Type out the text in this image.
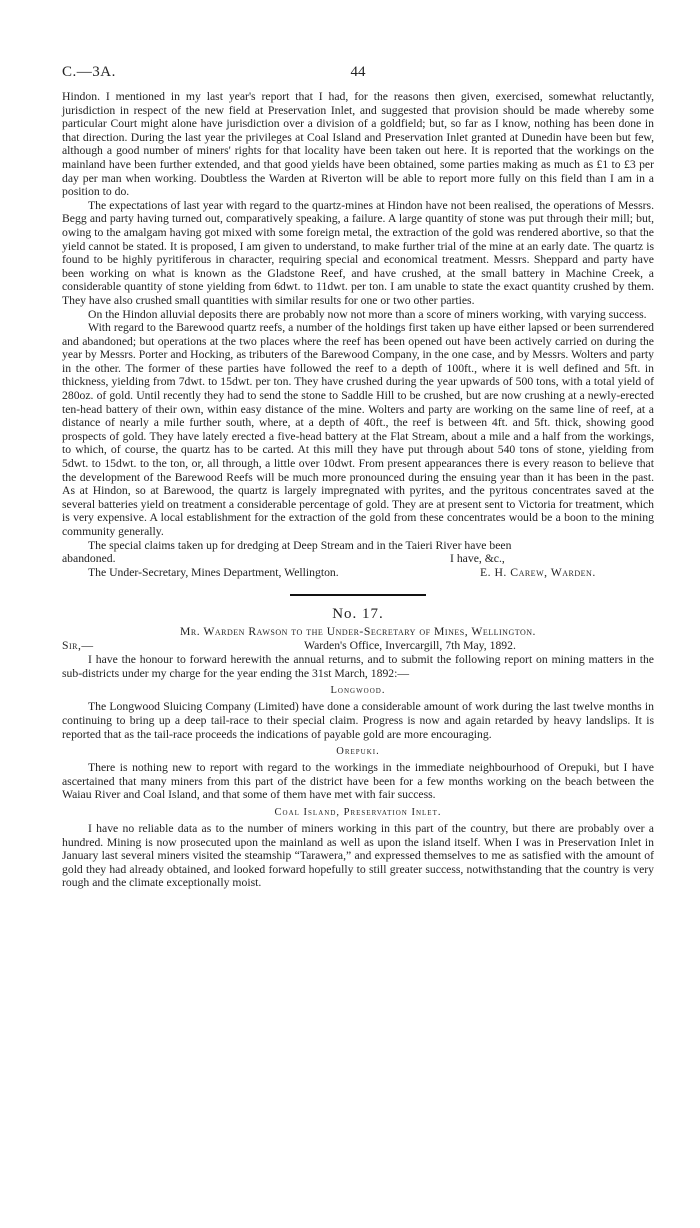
C.—3A.	44

Hindon. I mentioned in my last year's report that I had, for the reasons then given, exercised, somewhat reluctantly, jurisdiction in respect of the new field at Preservation Inlet, and suggested that provision should be made whereby some particular Court might alone have jurisdiction over a division of a goldfield; but, so far as I know, nothing has been done in that direction. During the last year the privileges at Coal Island and Preservation Inlet granted at Dunedin have been but few, although a good number of miners' rights for that locality have been taken out here. It is reported that the workings on the mainland have been further extended, and that good yields have been obtained, some parties making as much as £1 to £3 per day per man when working. Doubtless the Warden at Riverton will be able to report more fully on this field than I am in a position to do.

The expectations of last year with regard to the quartz-mines at Hindon have not been realised, the operations of Messrs. Begg and party having turned out, comparatively speaking, a failure. A large quantity of stone was put through their mill; but, owing to the amalgam having got mixed with some foreign metal, the extraction of the gold was rendered abortive, so that the yield cannot be stated. It is proposed, I am given to understand, to make further trial of the mine at an early date. The quartz is found to be highly pyritiferous in character, requiring special and economical treatment. Messrs. Sheppard and party have been working on what is known as the Gladstone Reef, and have crushed, at the small battery in Machine Creek, a considerable quantity of stone yielding from 6dwt. to 11dwt. per ton. I am unable to state the exact quantity crushed by them. They have also crushed small quantities with similar results for one or two other parties.

On the Hindon alluvial deposits there are probably now not more than a score of miners working, with varying success.

With regard to the Barewood quartz reefs, a number of the holdings first taken up have either lapsed or been surrendered and abandoned; but operations at the two places where the reef has been opened out have been actively carried on during the year by Messrs. Porter and Hocking, as tributers of the Barewood Company, in the one case, and by Messrs. Wolters and party in the other. The former of these parties have followed the reef to a depth of 100ft., where it is well defined and 5ft. in thickness, yielding from 7dwt. to 15dwt. per ton. They have crushed during the year upwards of 500 tons, with a total yield of 280oz. of gold. Until recently they had to send the stone to Saddle Hill to be crushed, but are now crushing at a newly-erected ten-head battery of their own, within easy distance of the mine. Wolters and party are working on the same line of reef, at a distance of nearly a mile further south, where, at a depth of 40ft., the reef is between 4ft. and 5ft. thick, showing good prospects of gold. They have lately erected a five-head battery at the Flat Stream, about a mile and a half from the workings, to which, of course, the quartz has to be carted. At this mill they have put through about 540 tons of stone, yielding from 5dwt. to 15dwt. to the ton, or, all through, a little over 10dwt. From present appearances there is every reason to believe that the development of the Barewood Reefs will be much more pronounced during the ensuing year than it has been in the past. As at Hindon, so at Barewood, the quartz is largely impregnated with pyrites, and the pyritous concentrates saved at the several batteries yield on treatment a considerable percentage of gold. They are at present sent to Victoria for treatment, which is very expensive. A local establishment for the extraction of the gold from these concentrates would be a boon to the mining community generally.

The special claims taken up for dredging at Deep Stream and in the Taieri River have been

abandoned.	I have, &c.,
The Under-Secretary, Mines Department, Wellington.	E. H. Carew, Warden.
No. 17.
Mr. Warden Rawson to the Under-Secretary of Mines, Wellington.
Sir,—	Warden's Office, Invercargill, 7th May, 1892.

I have the honour to forward herewith the annual returns, and to submit the following report on mining matters in the sub-districts under my charge for the year ending the 31st March, 1892:—

Longwood.

The Longwood Sluicing Company (Limited) have done a considerable amount of work during the last twelve months in continuing to bring up a deep tail-race to their special claim. Progress is now and again retarded by heavy landslips. It is reported that as the tail-race proceeds the indications of payable gold are more encouraging.

Orepuki.

There is nothing new to report with regard to the workings in the immediate neighbourhood of Orepuki, but I have ascertained that many miners from this part of the district have been for a few months working on the beach between the Waiau River and Coal Island, and that some of them have met with fair success.

Coal Island, Preservation Inlet.

I have no reliable data as to the number of miners working in this part of the country, but there are probably over a hundred. Mining is now prosecuted upon the mainland as well as upon the island itself. When I was in Preservation Inlet in January last several miners visited the steamship “Tarawera,” and expressed themselves to me as satisfied with the amount of gold they had already obtained, and looked forward hopefully to still greater success, notwithstanding that the country is very rough and the climate exceptionally moist.
